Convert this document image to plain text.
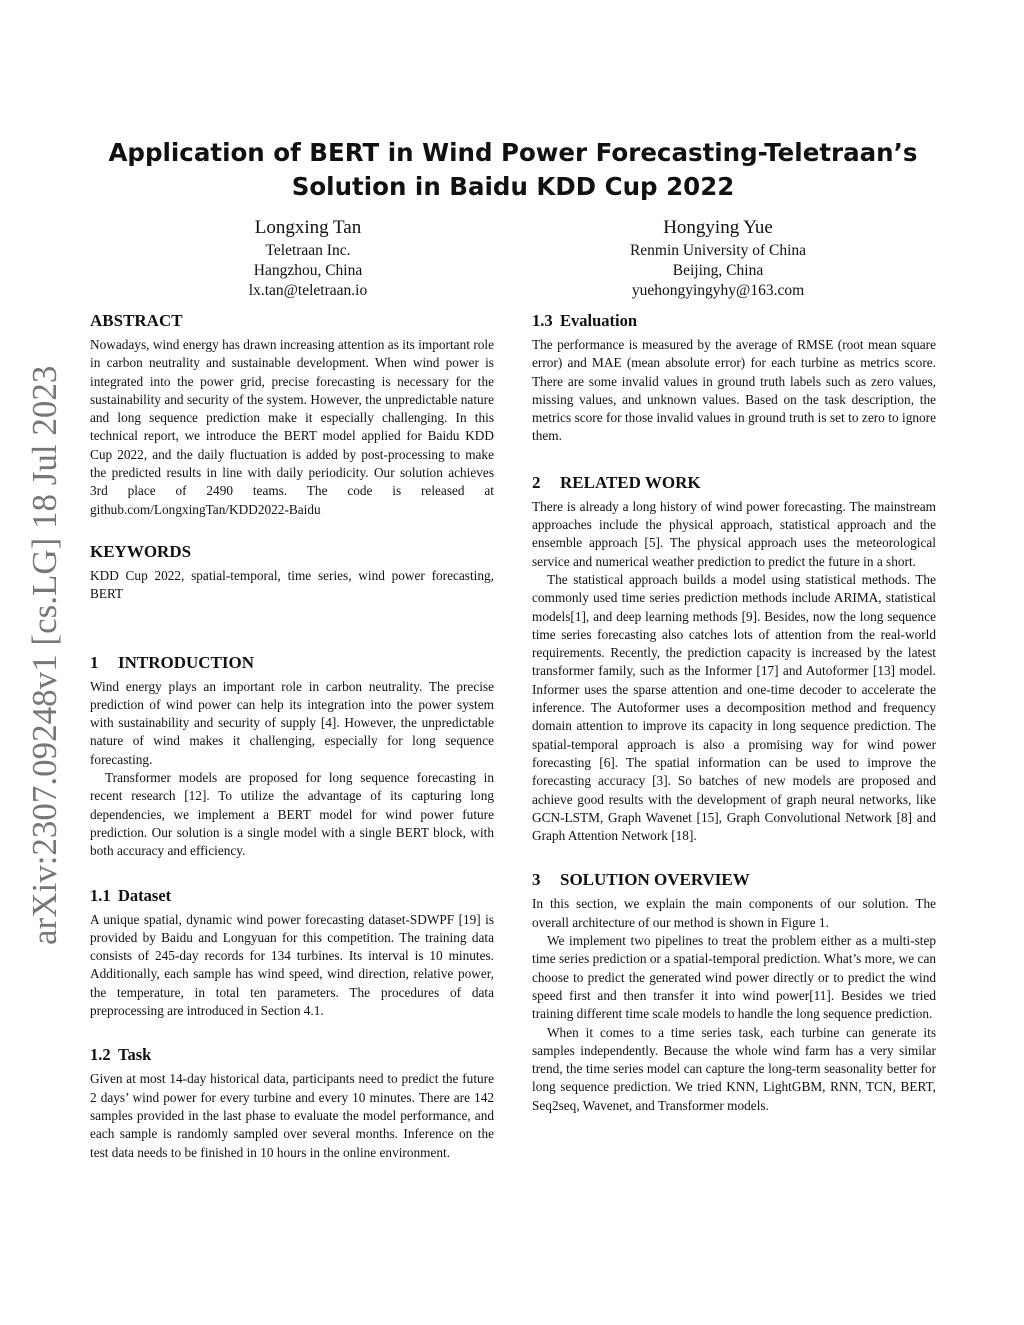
arXiv:2307.09248v1 [cs.LG] 18 Jul 2023
Application of BERT in Wind Power Forecasting-Teletraan’s Solution in Baidu KDD Cup 2022
Longxing Tan
Teletraan Inc.
Hangzhou, China
lx.tan@teletraan.io
Hongying Yue
Renmin University of China
Beijing, China
yuehongyingyhy@163.com
ABSTRACT

Nowadays, wind energy has drawn increasing attention as its important role in carbon neutrality and sustainable development. When wind power is integrated into the power grid, precise forecasting is necessary for the sustainability and security of the system. However, the unpredictable nature and long sequence prediction make it especially challenging. In this technical report, we introduce the BERT model applied for Baidu KDD Cup 2022, and the daily fluctuation is added by post-processing to make the predicted results in line with daily periodicity. Our solution achieves 3rd place of 2490 teams. The code is released at github.com/LongxingTan/KDD2022-Baidu

KEYWORDS

KDD Cup 2022, spatial-temporal, time series, wind power forecasting, BERT

1 INTRODUCTION

Wind energy plays an important role in carbon neutrality. The precise prediction of wind power can help its integration into the power system with sustainability and security of supply [4]. However, the unpredictable nature of wind makes it challenging, especially for long sequence forecasting.

Transformer models are proposed for long sequence forecasting in recent research [12]. To utilize the advantage of its capturing long dependencies, we implement a BERT model for wind power future prediction. Our solution is a single model with a single BERT block, with both accuracy and efficiency.

1.1 Dataset

A unique spatial, dynamic wind power forecasting dataset-SDWPF [19] is provided by Baidu and Longyuan for this competition. The training data consists of 245-day records for 134 turbines. Its interval is 10 minutes. Additionally, each sample has wind speed, wind direction, relative power, the temperature, in total ten parameters. The procedures of data preprocessing are introduced in Section 4.1.

1.2 Task

Given at most 14-day historical data, participants need to predict the future 2 days’ wind power for every turbine and every 10 minutes. There are 142 samples provided in the last phase to evaluate the model performance, and each sample is randomly sampled over several months. Inference on the test data needs to be finished in 10 hours in the online environment.

1.3 Evaluation

The performance is measured by the average of RMSE (root mean square error) and MAE (mean absolute error) for each turbine as metrics score. There are some invalid values in ground truth labels such as zero values, missing values, and unknown values. Based on the task description, the metrics score for those invalid values in ground truth is set to zero to ignore them.

2 RELATED WORK

There is already a long history of wind power forecasting. The mainstream approaches include the physical approach, statistical approach and the ensemble approach [5]. The physical approach uses the meteorological service and numerical weather prediction to predict the future in a short.

The statistical approach builds a model using statistical methods. The commonly used time series prediction methods include ARIMA, statistical models[1], and deep learning methods [9]. Besides, now the long sequence time series forecasting also catches lots of attention from the real-world requirements. Recently, the prediction capacity is increased by the latest transformer family, such as the Informer [17] and Autoformer [13] model. Informer uses the sparse attention and one-time decoder to accelerate the inference. The Autoformer uses a decomposition method and frequency domain attention to improve its capacity in long sequence prediction. The spatial-temporal approach is also a promising way for wind power forecasting [6]. The spatial information can be used to improve the forecasting accuracy [3]. So batches of new models are proposed and achieve good results with the development of graph neural networks, like GCN-LSTM, Graph Wavenet [15], Graph Convolutional Network [8] and Graph Attention Network [18].

3 SOLUTION OVERVIEW

In this section, we explain the main components of our solution. The overall architecture of our method is shown in Figure 1.

We implement two pipelines to treat the problem either as a multi-step time series prediction or a spatial-temporal prediction. What’s more, we can choose to predict the generated wind power directly or to predict the wind speed first and then transfer it into wind power[11]. Besides we tried training different time scale models to handle the long sequence prediction.

When it comes to a time series task, each turbine can generate its samples independently. Because the whole wind farm has a very similar trend, the time series model can capture the long-term seasonality better for long sequence prediction. We tried KNN, LightGBM, RNN, TCN, BERT, Seq2seq, Wavenet, and Transformer models.
